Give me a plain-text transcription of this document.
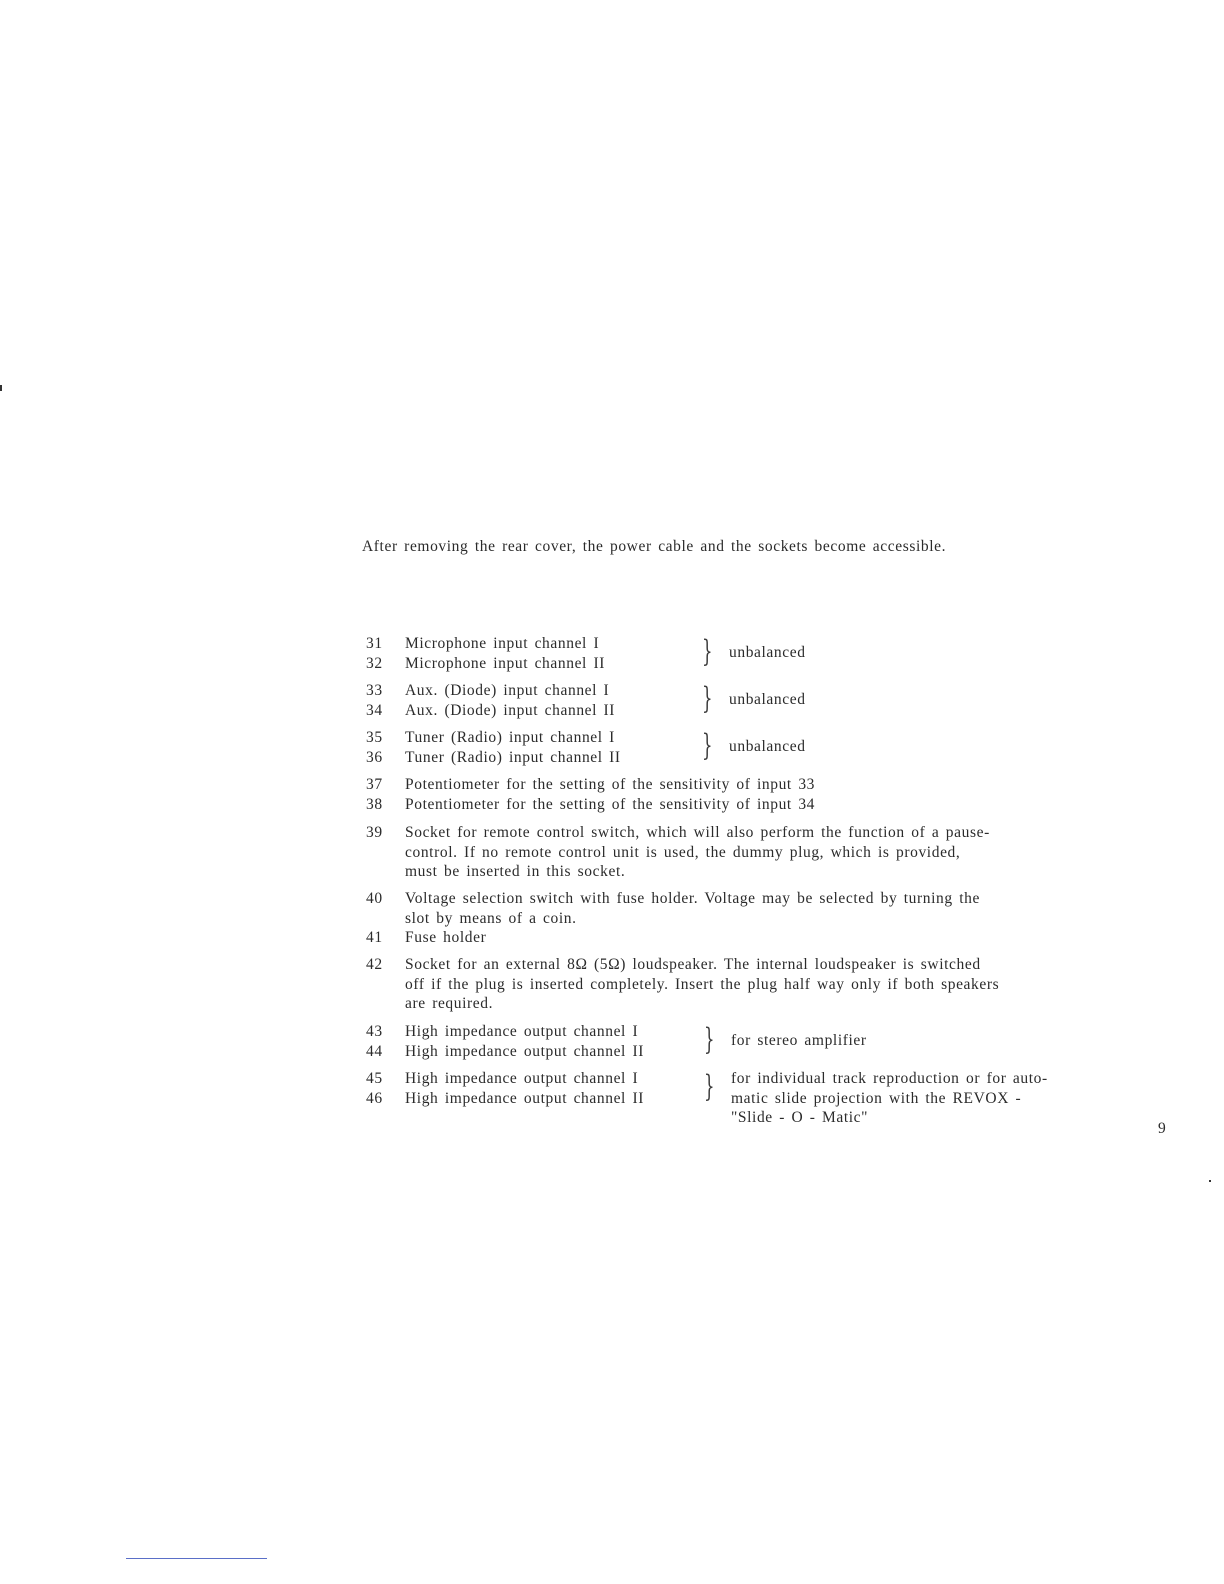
After removing the rear cover, the power cable and the sockets become accessible.
31	Microphone input channel I
32	Microphone input channel II	} unbalanced
33	Aux. (Diode) input channel I
34	Aux. (Diode) input channel II	} unbalanced
35	Tuner (Radio) input channel I
36	Tuner (Radio) input channel II	} unbalanced
37	Potentiometer for the setting of the sensitivity of input 33
38	Potentiometer for the setting of the sensitivity of input 34
39	Socket for remote control switch, which will also perform the function of a pause-
control. If no remote control unit is used, the dummy plug, which is provided,
must be inserted in this socket.
40	Voltage selection switch with fuse holder. Voltage may be selected by turning the
slot by means of a coin.
41	Fuse holder
42	Socket for an external 8Ω (5Ω) loudspeaker. The internal loudspeaker is switched
off if the plug is inserted completely. Insert the plug half way only if both speakers
are required.
43	High impedance output channel I
44	High impedance output channel II } for stereo amplifier
45	High impedance output channel I
46	High impedance output channel II } for individual track reproduction or for auto-
matic slide projection with the REVOX -
"Slide - O - Matic"
9
